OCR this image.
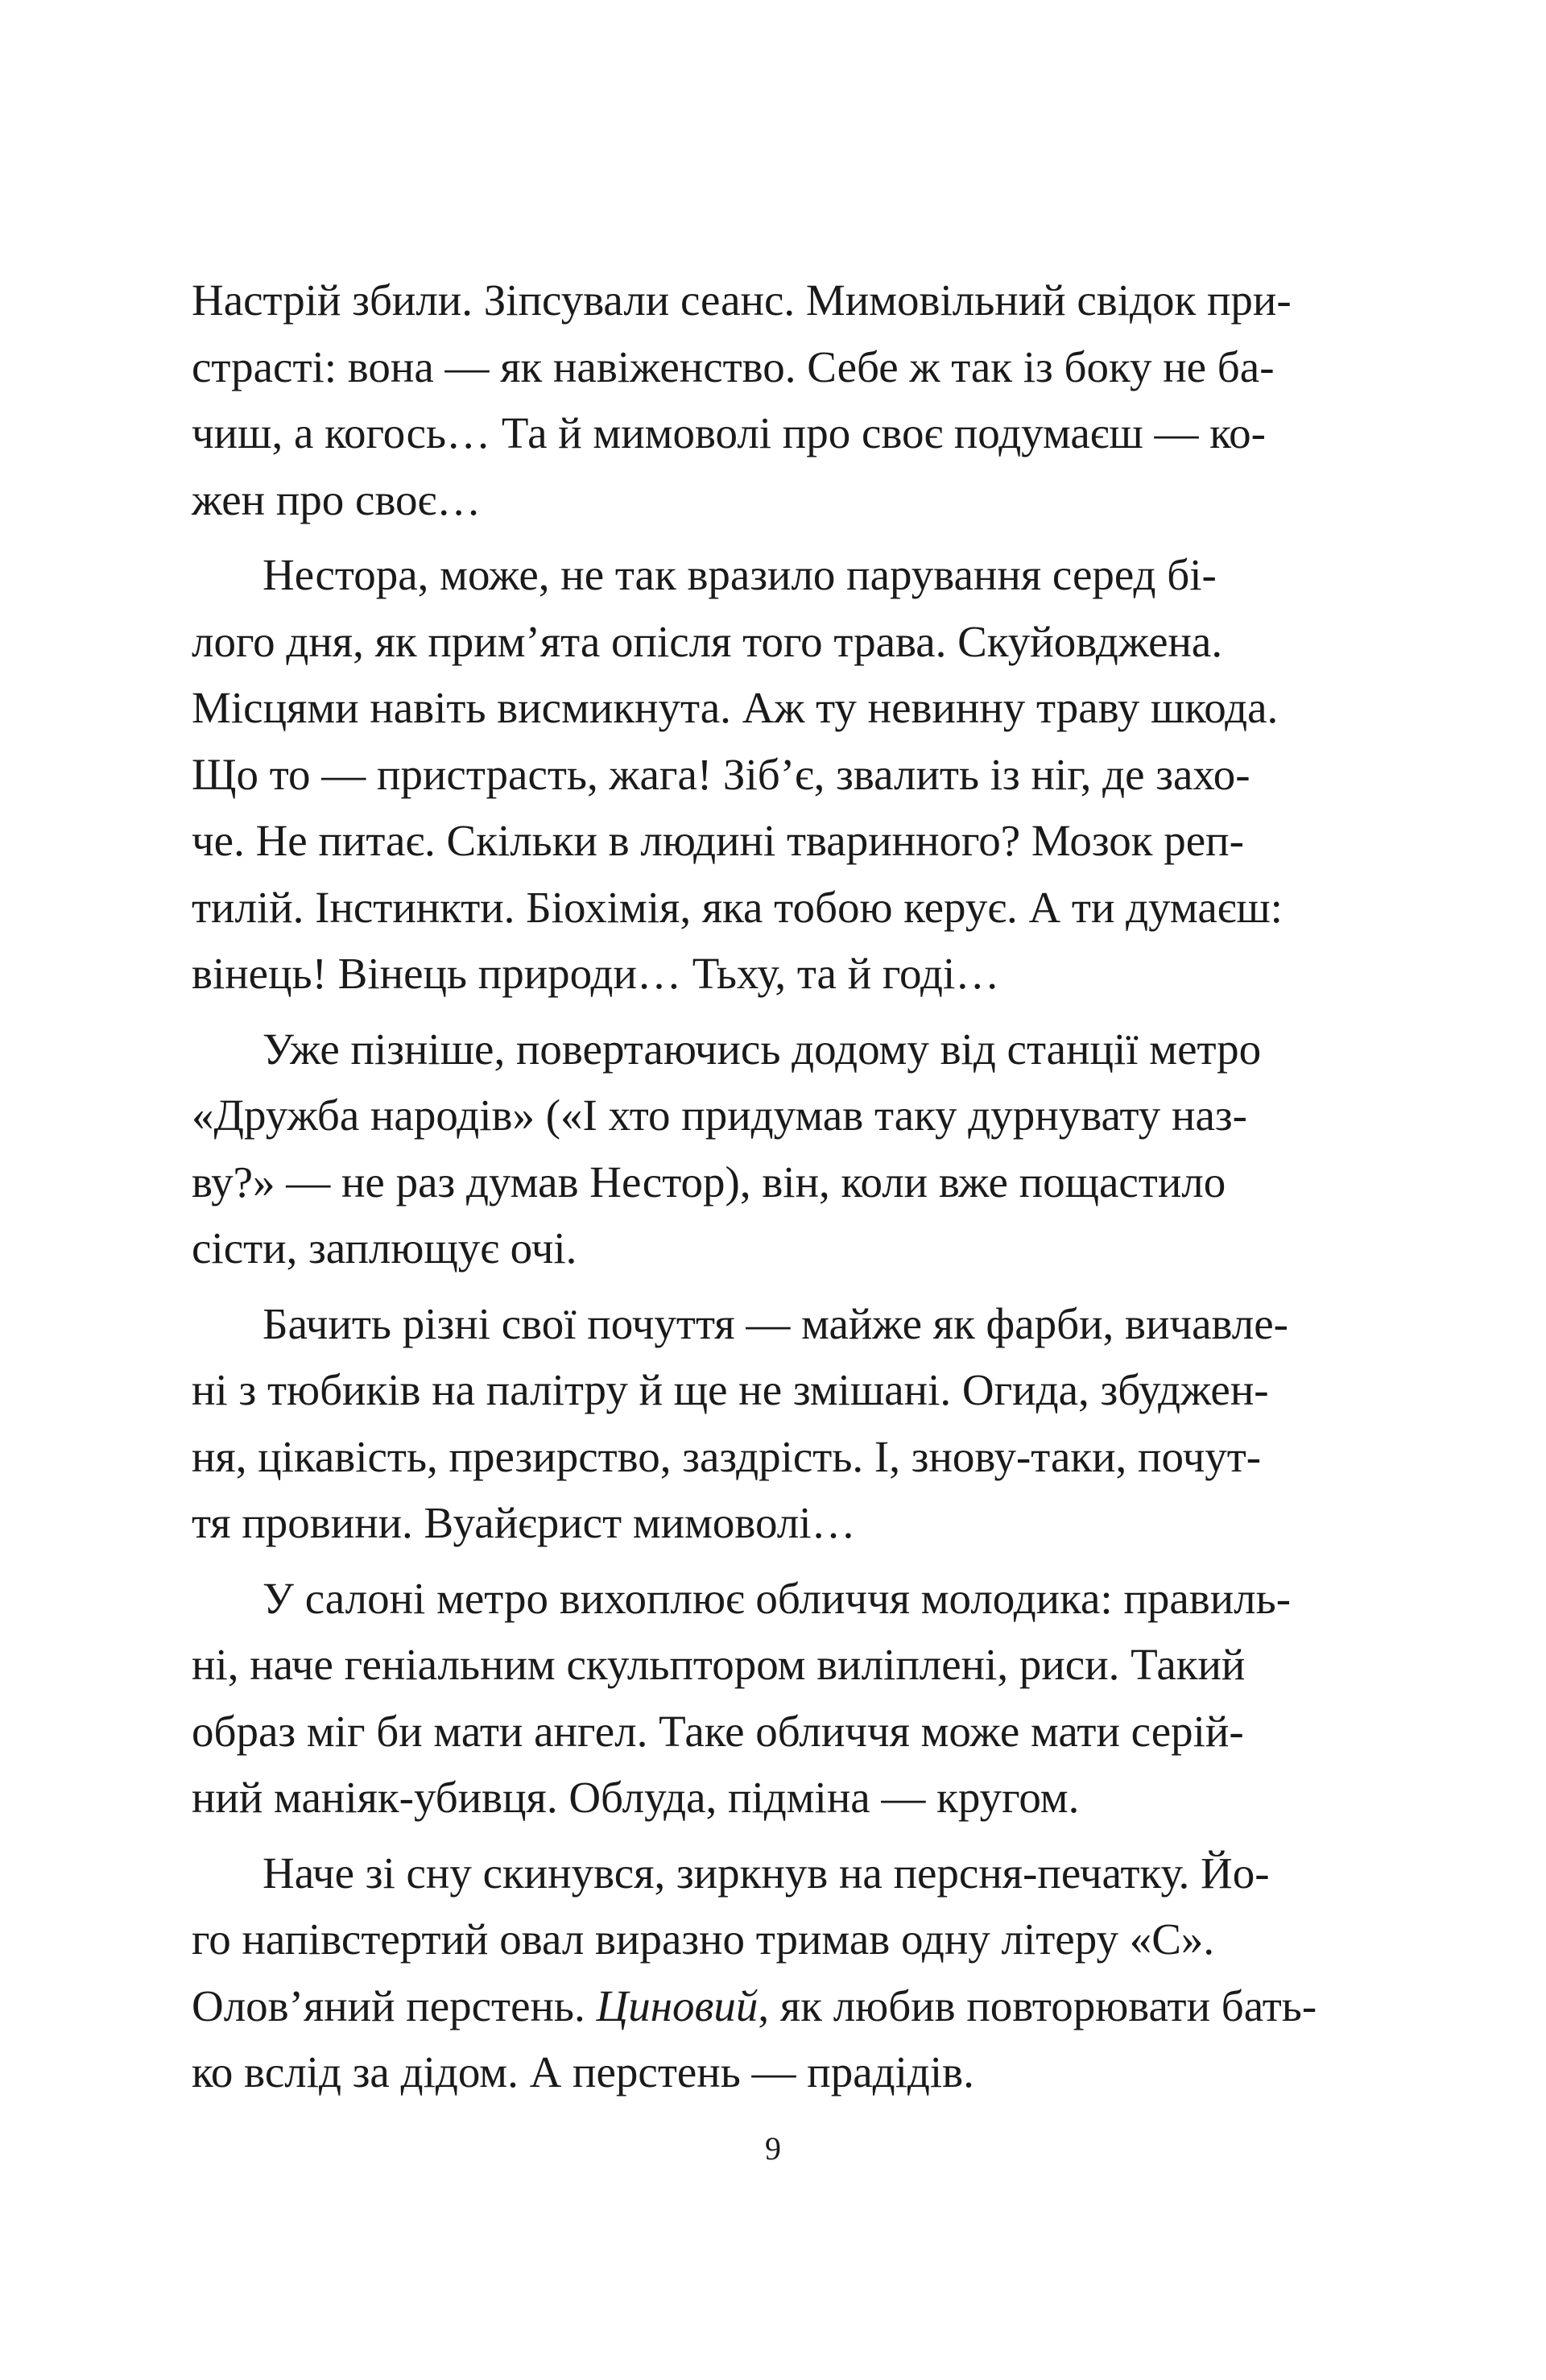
Настрій збили. Зіпсували сеанс. Мимовільний свідок при-
страсті: вона — як навіженство. Себе ж так із боку не ба-
чиш, а когось… Та й мимоволі про своє подумаєш — ко-
жен про своє…
Нестора, може, не так вразило парування серед бі-
лого дня, як прим’ята опісля того трава. Скуйовджена.
Місцями навіть висмикнута. Аж ту невинну траву шкода.
Що то — пристрасть, жага! Зіб’є, звалить із ніг, де захо-
че. Не питає. Скільки в людині тваринного? Мозок реп-
тилій. Інстинкти. Біохімія, яка тобою керує. А ти думаєш:
вінець! Вінець природи… Тьху, та й годі…
Уже пізніше, повертаючись додому від станції метро
«Дружба народів» («І хто придумав таку дурнувату наз-
ву?» — не раз думав Нестор), він, коли вже пощастило
сісти, заплющує очі.
Бачить різні свої почуття — майже як фарби, вичавле-
ні з тюбиків на палітру й ще не змішані. Огида, збуджен-
ня, цікавість, презирство, заздрість. І, знову-таки, почут-
тя провини. Вуайєрист мимоволі…
У салоні метро вихоплює обличчя молодика: правиль-
ні, наче геніальним скульптором виліплені, риси. Такий
образ міг би мати ангел. Таке обличчя може мати серій-
ний маніяк-убивця. Облуда, підміна — кругом.
Наче зі сну скинувся, зиркнув на персня-печатку. Йо-
го напівстертий овал виразно тримав одну літеру «С».
Олов’яний перстень. Циновий, як любив повторювати бать-
ко вслід за дідом. А перстень — прадідів.
9
